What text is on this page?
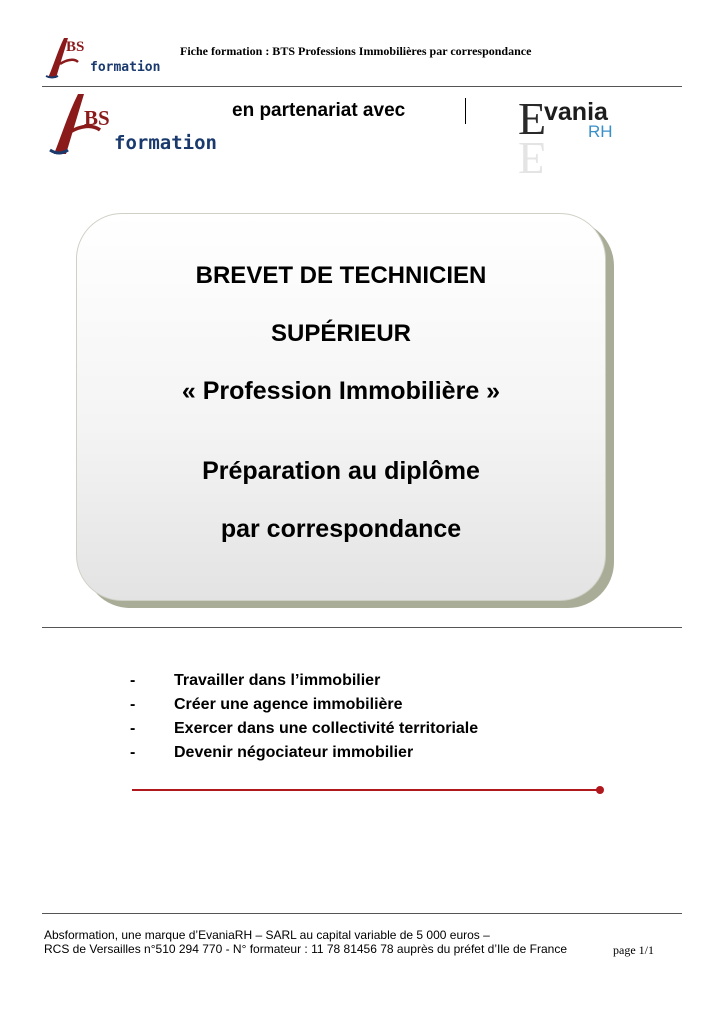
BS
formation
Fiche formation : BTS Professions Immobilières par correspondance
BS
formation
en partenariat avec E
E
vania
RH
BREVET DE TECHNICIEN
SUPÉRIEUR
« Profession Immobilière »
Préparation au diplôme
par correspondance
-	Travailler dans l’immobilier
-	Créer une agence immobilière
-	Exercer dans une collectivité territoriale
-	Devenir négociateur immobilier
Absformation, une marque d’EvaniaRH – SARL au capital variable de 5 000 euros –
RCS de Versailles n°510 294 770 - N° formateur : 11 78 81456 78 auprès du préfet d’Ile de France	page 1/1
